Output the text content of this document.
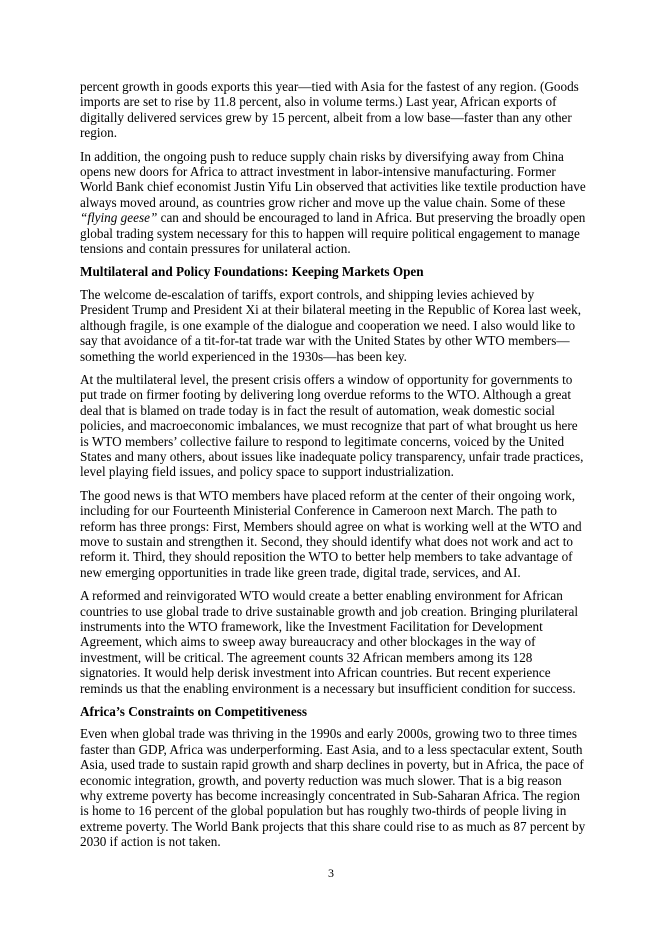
percent growth in goods exports this year—tied with Asia for the fastest of any region. (Goods imports are set to rise by 11.8 percent, also in volume terms.) Last year, African exports of digitally delivered services grew by 15 percent, albeit from a low base—faster than any other region.

In addition, the ongoing push to reduce supply chain risks by diversifying away from China opens new doors for Africa to attract investment in labor-intensive manufacturing. Former World Bank chief economist Justin Yifu Lin observed that activities like textile production have always moved around, as countries grow richer and move up the value chain. Some of these “flying geese” can and should be encouraged to land in Africa. But preserving the broadly open global trading system necessary for this to happen will require political engagement to manage tensions and contain pressures for unilateral action.

Multilateral and Policy Foundations: Keeping Markets Open

The welcome de-escalation of tariffs, export controls, and shipping levies achieved by President Trump and President Xi at their bilateral meeting in the Republic of Korea last week, although fragile, is one example of the dialogue and cooperation we need. I also would like to say that avoidance of a tit-for-tat trade war with the United States by other WTO members—something the world experienced in the 1930s—has been key.

At the multilateral level, the present crisis offers a window of opportunity for governments to put trade on firmer footing by delivering long overdue reforms to the WTO. Although a great deal that is blamed on trade today is in fact the result of automation, weak domestic social policies, and macroeconomic imbalances, we must recognize that part of what brought us here is WTO members’ collective failure to respond to legitimate concerns, voiced by the United States and many others, about issues like inadequate policy transparency, unfair trade practices, level playing field issues, and policy space to support industrialization.

The good news is that WTO members have placed reform at the center of their ongoing work, including for our Fourteenth Ministerial Conference in Cameroon next March. The path to reform has three prongs: First, Members should agree on what is working well at the WTO and move to sustain and strengthen it. Second, they should identify what does not work and act to reform it. Third, they should reposition the WTO to better help members to take advantage of new emerging opportunities in trade like green trade, digital trade, services, and AI.

A reformed and reinvigorated WTO would create a better enabling environment for African countries to use global trade to drive sustainable growth and job creation. Bringing plurilateral instruments into the WTO framework, like the Investment Facilitation for Development Agreement, which aims to sweep away bureaucracy and other blockages in the way of investment, will be critical. The agreement counts 32 African members among its 128 signatories. It would help derisk investment into African countries. But recent experience reminds us that the enabling environment is a necessary but insufficient condition for success.

Africa’s Constraints on Competitiveness

Even when global trade was thriving in the 1990s and early 2000s, growing two to three times faster than GDP, Africa was underperforming. East Asia, and to a less spectacular extent, South Asia, used trade to sustain rapid growth and sharp declines in poverty, but in Africa, the pace of economic integration, growth, and poverty reduction was much slower. That is a big reason why extreme poverty has become increasingly concentrated in Sub-Saharan Africa. The region is home to 16 percent of the global population but has roughly two-thirds of people living in extreme poverty. The World Bank projects that this share could rise to as much as 87 percent by 2030 if action is not taken.

3
